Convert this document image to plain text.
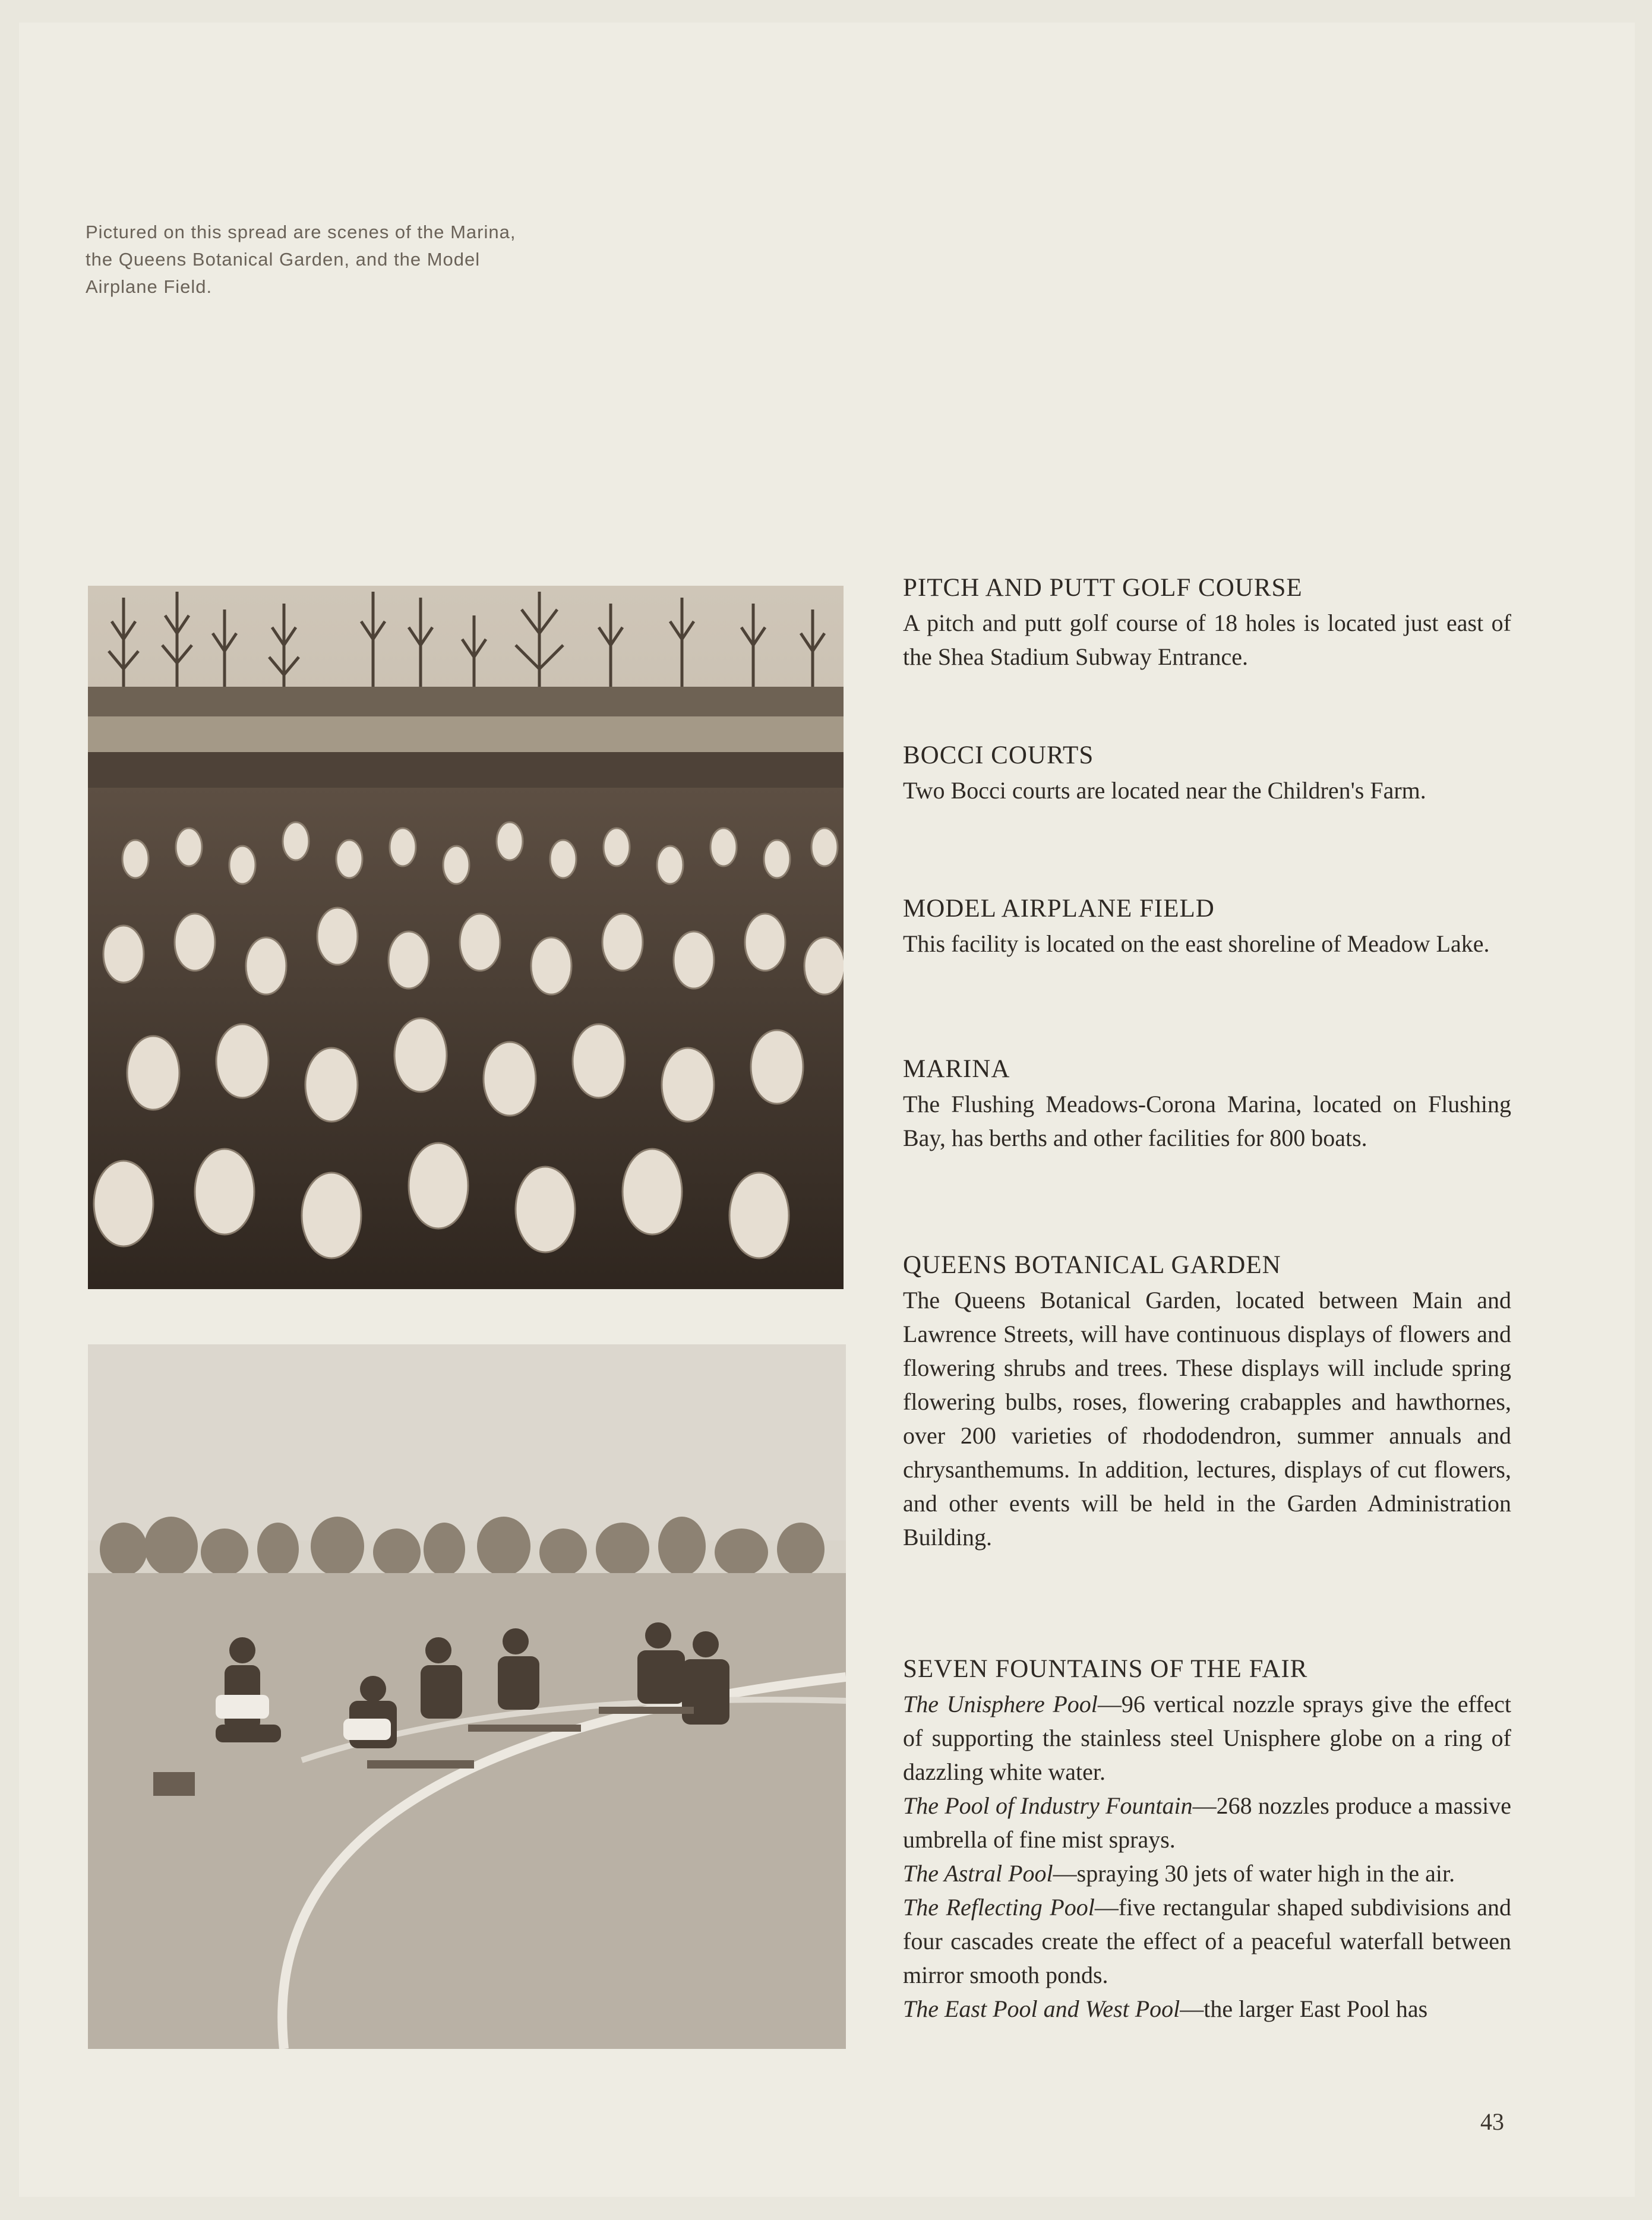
Pictured on this spread are scenes of the Marina, the Queens Botanical Garden, and the Model Airplane Field.
PITCH AND PUTT GOLF COURSE

A pitch and putt golf course of 18 holes is located just east of the Shea Stadium Subway Entrance.

BOCCI COURTS

Two Bocci courts are located near the Children's Farm.

MODEL AIRPLANE FIELD

This facility is located on the east shoreline of Meadow Lake.

MARINA

The Flushing Meadows-Corona Marina, located on Flushing Bay, has berths and other facilities for 800 boats.

QUEENS BOTANICAL GARDEN

The Queens Botanical Garden, located between Main and Lawrence Streets, will have continuous displays of flowers and flowering shrubs and trees. These displays will include spring flowering bulbs, roses, flowering crabapples and hawthornes, over 200 varieties of rhododendron, summer annuals and chrysanthemums. In addition, lectures, displays of cut flowers, and other events will be held in the Garden Administration Building.

SEVEN FOUNTAINS OF THE FAIR

The Unisphere Pool—96 vertical nozzle sprays give the effect of supporting the stainless steel Unisphere globe on a ring of dazzling white water.

The Pool of Industry Fountain—268 nozzles produce a massive umbrella of fine mist sprays.

The Astral Pool—spraying 30 jets of water high in the air.

The Reflecting Pool—five rectangular shaped subdivisions and four cascades create the effect of a peaceful waterfall between mirror smooth ponds.

The East Pool and West Pool—the larger East Pool has

43
